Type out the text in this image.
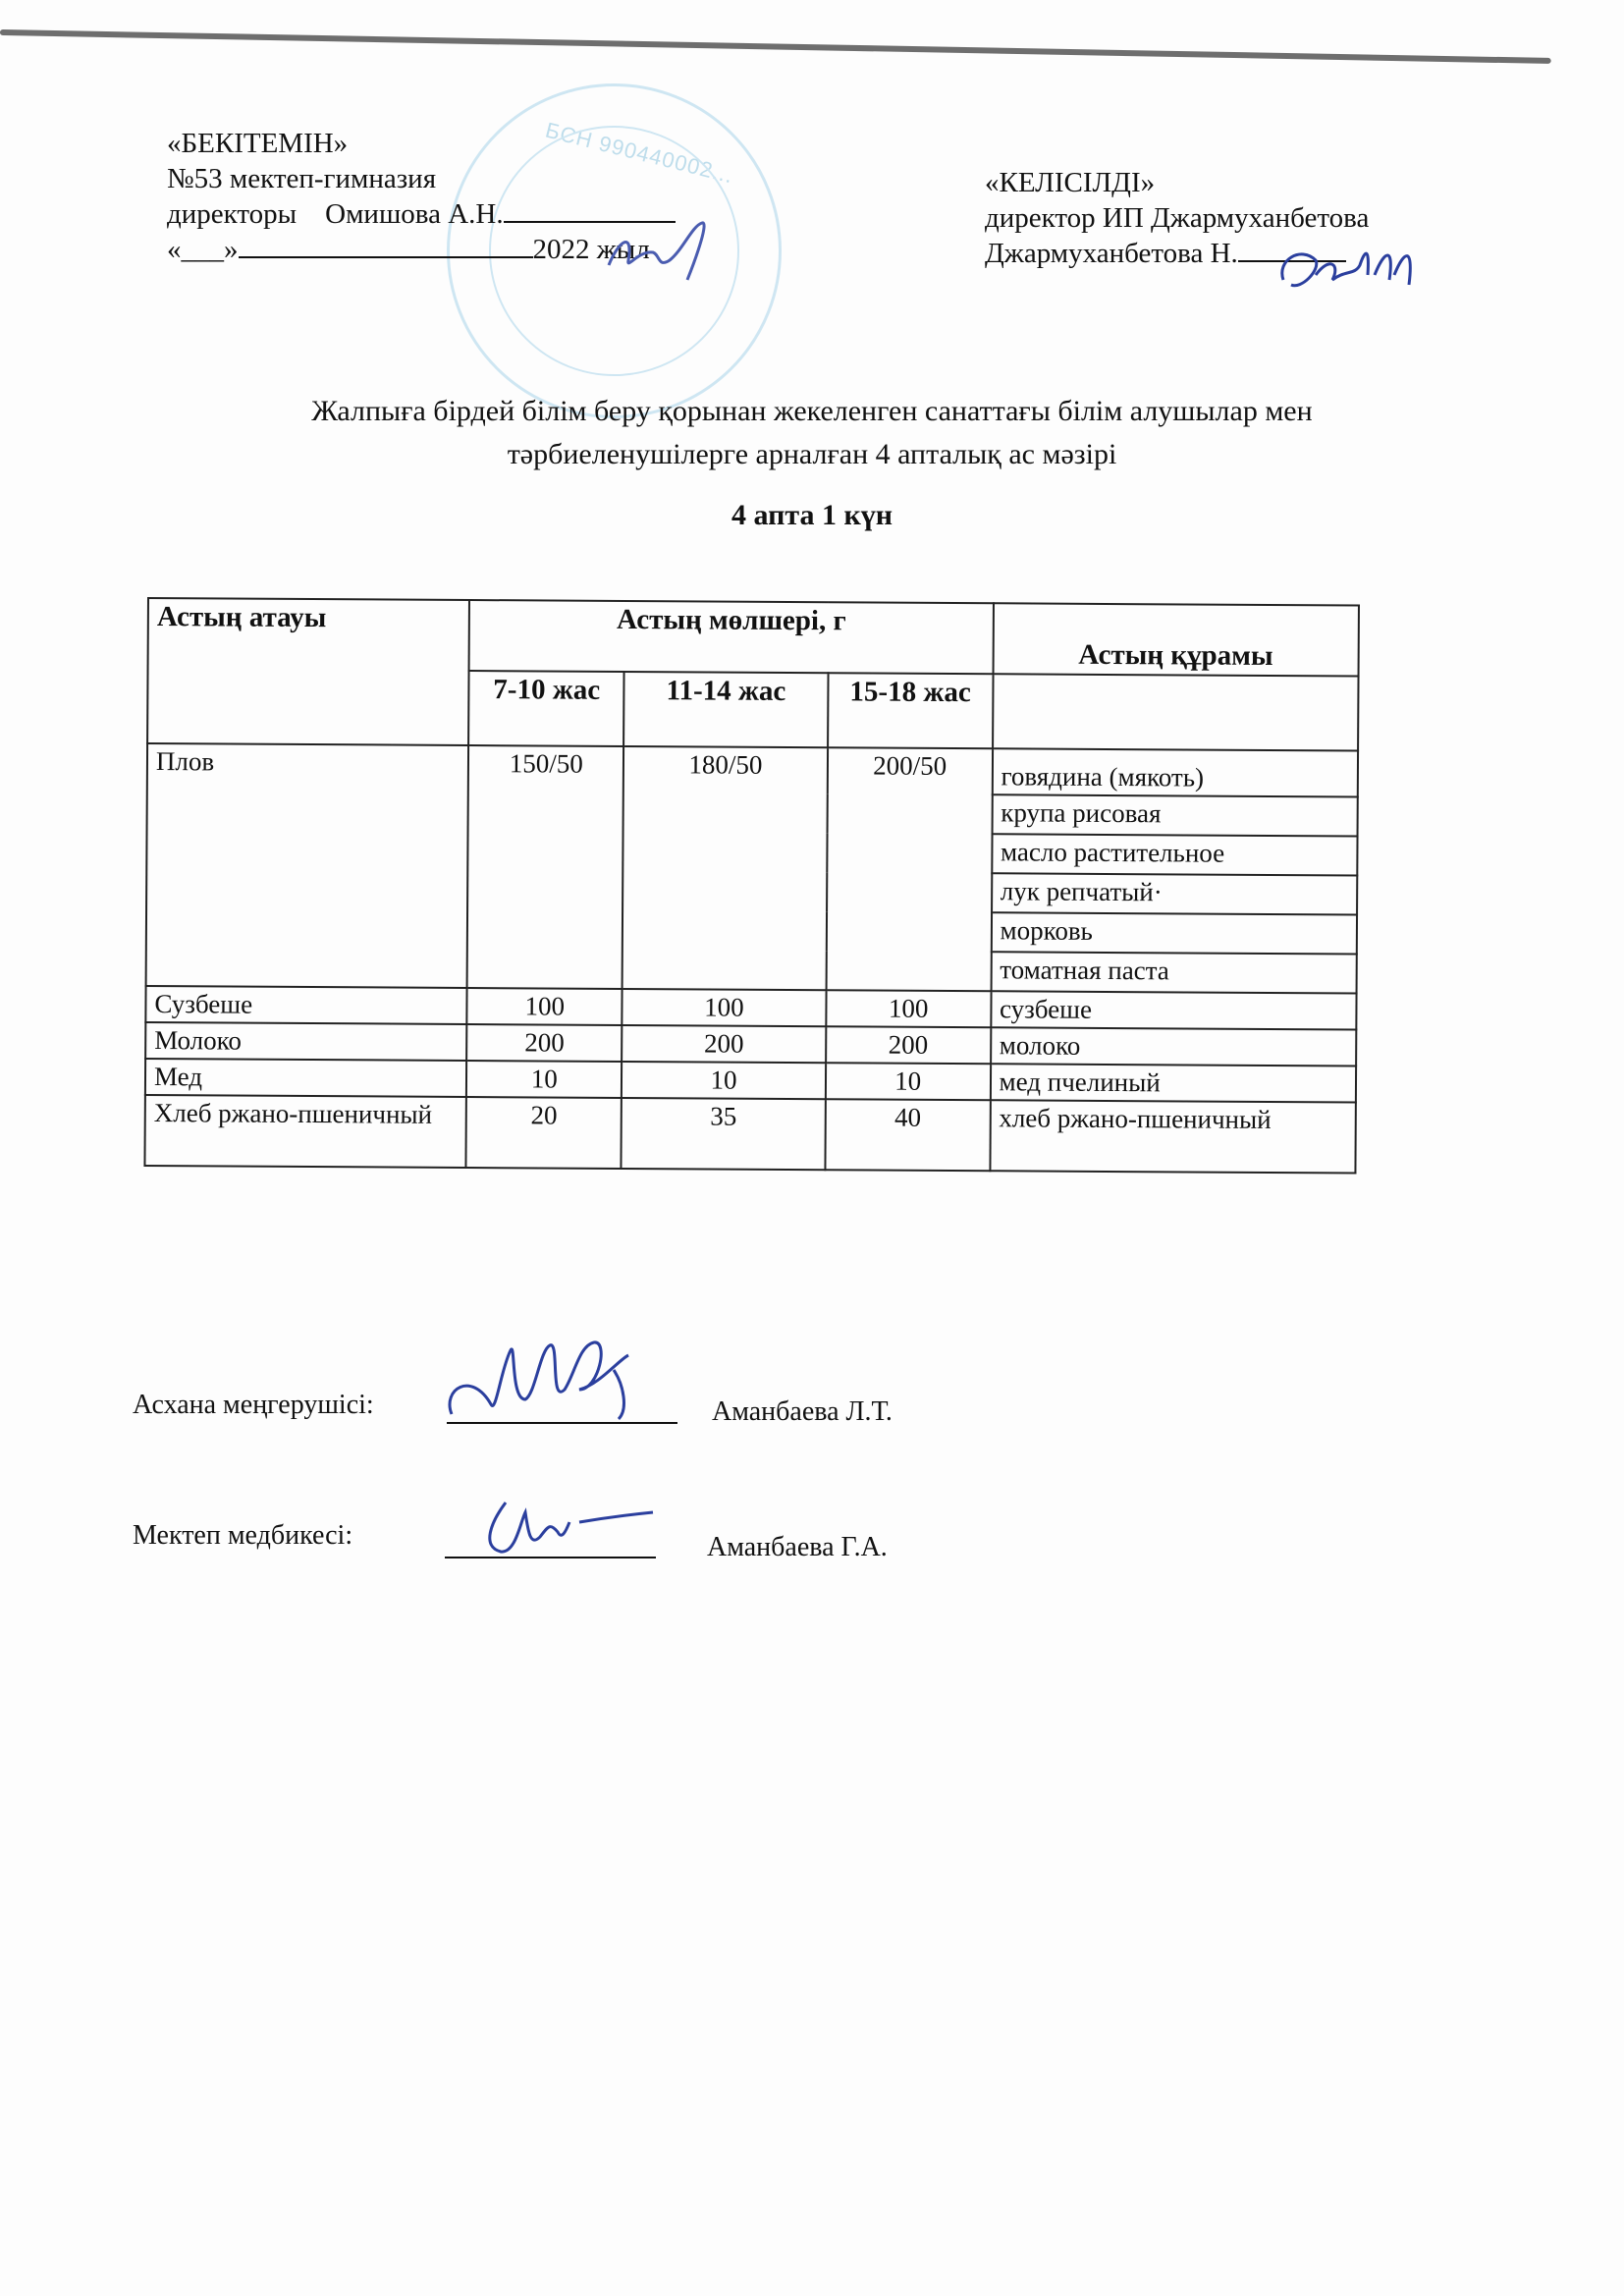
БСН 990440002...
«БЕКІТЕМІН»
№53 мектеп-гимназия
директоры Омишова А.Н.
«___»	2022 жыл
«КЕЛІСІЛДІ»
директор ИП Джармуханбетова
Джармуханбетова Н.
Жалпыға бірдей білім беру қорынан жекеленген санаттағы білім алушылар мен
тәрбиеленушілерге арналған 4 апталық ас мәзірі
4 апта 1 күн
Астың атауы	Астың мөлшері, г			Астың құрамы
	7-10 жас	11-14 жас	15-18 жас	
Плов	150/50	180/50	200/50	говядина (мякоть)
				крупа рисовая
				масло растительное
				лук репчатый·
				морковь
				томатная паста
Сузбеше	100	100	100	сузбеше
Молоко	200	200	200	молоко
Мед	10	10	10	мед пчелиный
Хлеб ржано-пшеничный	20	35	40	хлеб ржано-пшеничный
Асхана меңгерушісі:	Аманбаева Л.Т.
Мектеп медбикесі:	Аманбаева Г.А.
